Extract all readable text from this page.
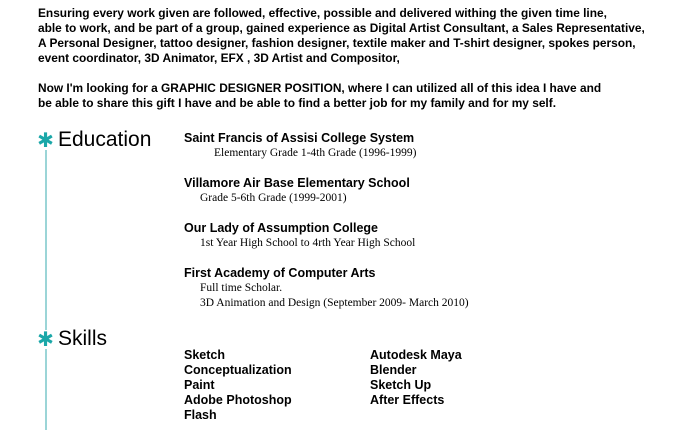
Ensuring every work given are followed, effective, possible and delivered withing the given time line,
able to work, and be part of a group, gained experience as Digital Artist Consultant, a Sales Representative,
A Personal Designer, tattoo designer, fashion designer, textile maker and T-shirt designer, spokes person,
event coordinator, 3D Animator, EFX , 3D Artist and Compositor,

Now I'm looking for a GRAPHIC DESIGNER POSITION, where I can utilized all of this idea I have and
be able to share this gift I have and be able to find a better job for my family and for my self.

✱ Education	Saint Francis of Assisi College System
Elementary Grade 1-4th Grade (1996-1999)
Villamore Air Base Elementary School
Grade 5-6th Grade (1999-2001)
Our Lady of Assumption College
1st Year High School to 4rth Year High School
First Academy of Computer Arts
Full time Scholar.
3D Animation and Design (September 2009- March 2010)
✱ Skills
Sketch
Conceptualization
Paint
Adobe Photoshop
Flash
Autodesk Maya
Blender
Sketch Up
After Effects
